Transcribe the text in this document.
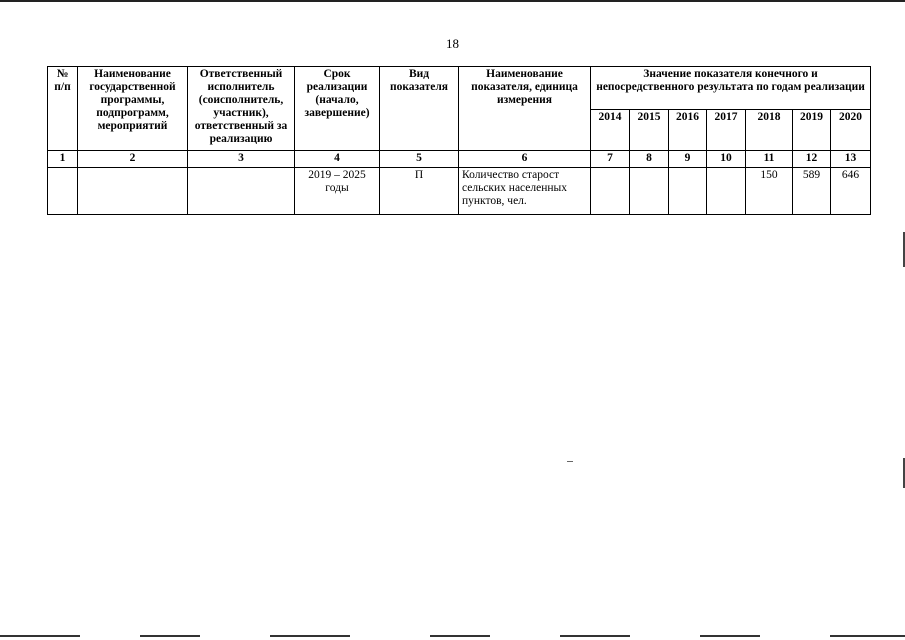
18
№ п/п	Наименование государственной программы, подпрограмм, мероприятий	Ответственный исполнитель (соисполнитель, участник), ответственный за реализацию	Срок реализации (начало, завершение)	Вид показателя	Наименование показателя, единица измерения	Значение показателя конечного и непосредственного результата по годам реализации						
						2014	2015	2016	2017	2018	2019	2020
1	2	3	4	5	6	7	8	9	10	11	12	13
			2019 – 2025 годы	П	Количество старост сельских населенных пунктов, чел.					150	589	646
